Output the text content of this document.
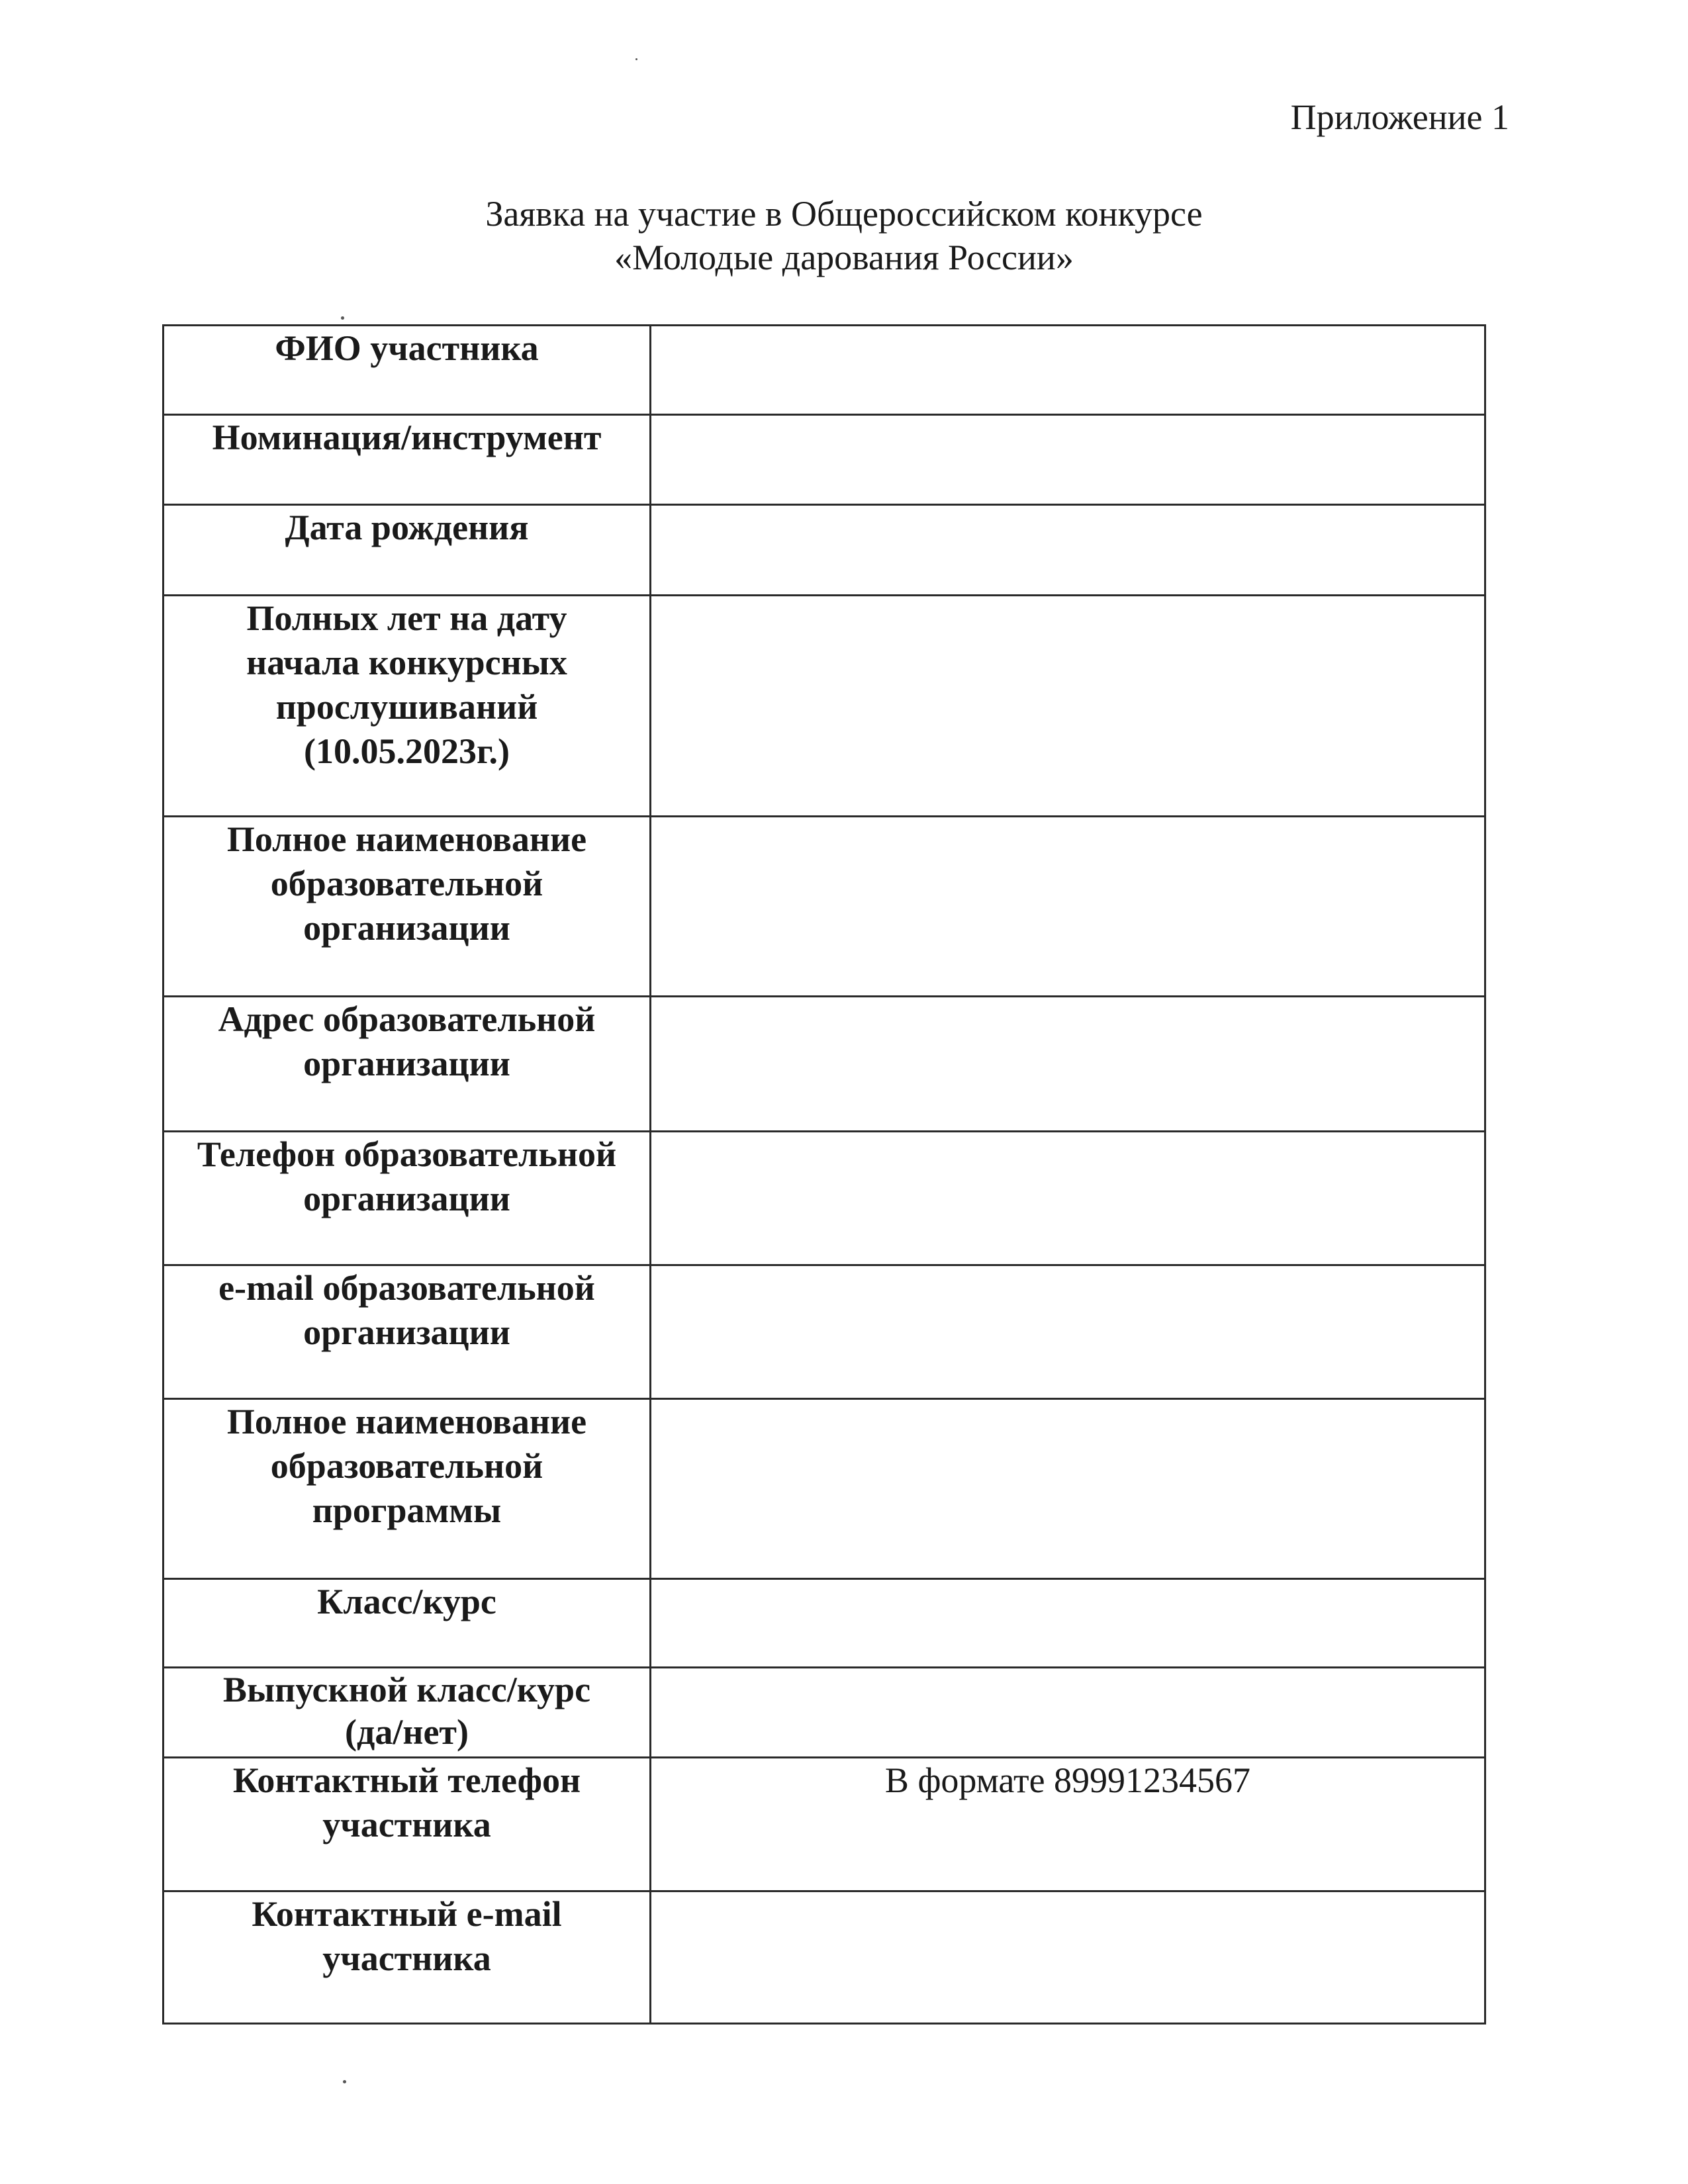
Приложение 1
Заявка на участие в Общероссийском конкурсе
«Молодые дарования России»
ФИО участника	

Номинация/инструмент	

Дата рождения	

Полных лет на дату
начала конкурсных
прослушиваний
(10.05.2023г.)	

Полное наименование
образовательной
организации	

Адрес образовательной
организации	

Телефон образовательной
организации	

e-mail образовательной
организации	

Полное наименование
образовательной
программы	

Класс/курс	

Выпускной класс/курс
(да/нет)	

Контактный телефон
участника	В формате 89991234567

Контактный e-mail
участника	
